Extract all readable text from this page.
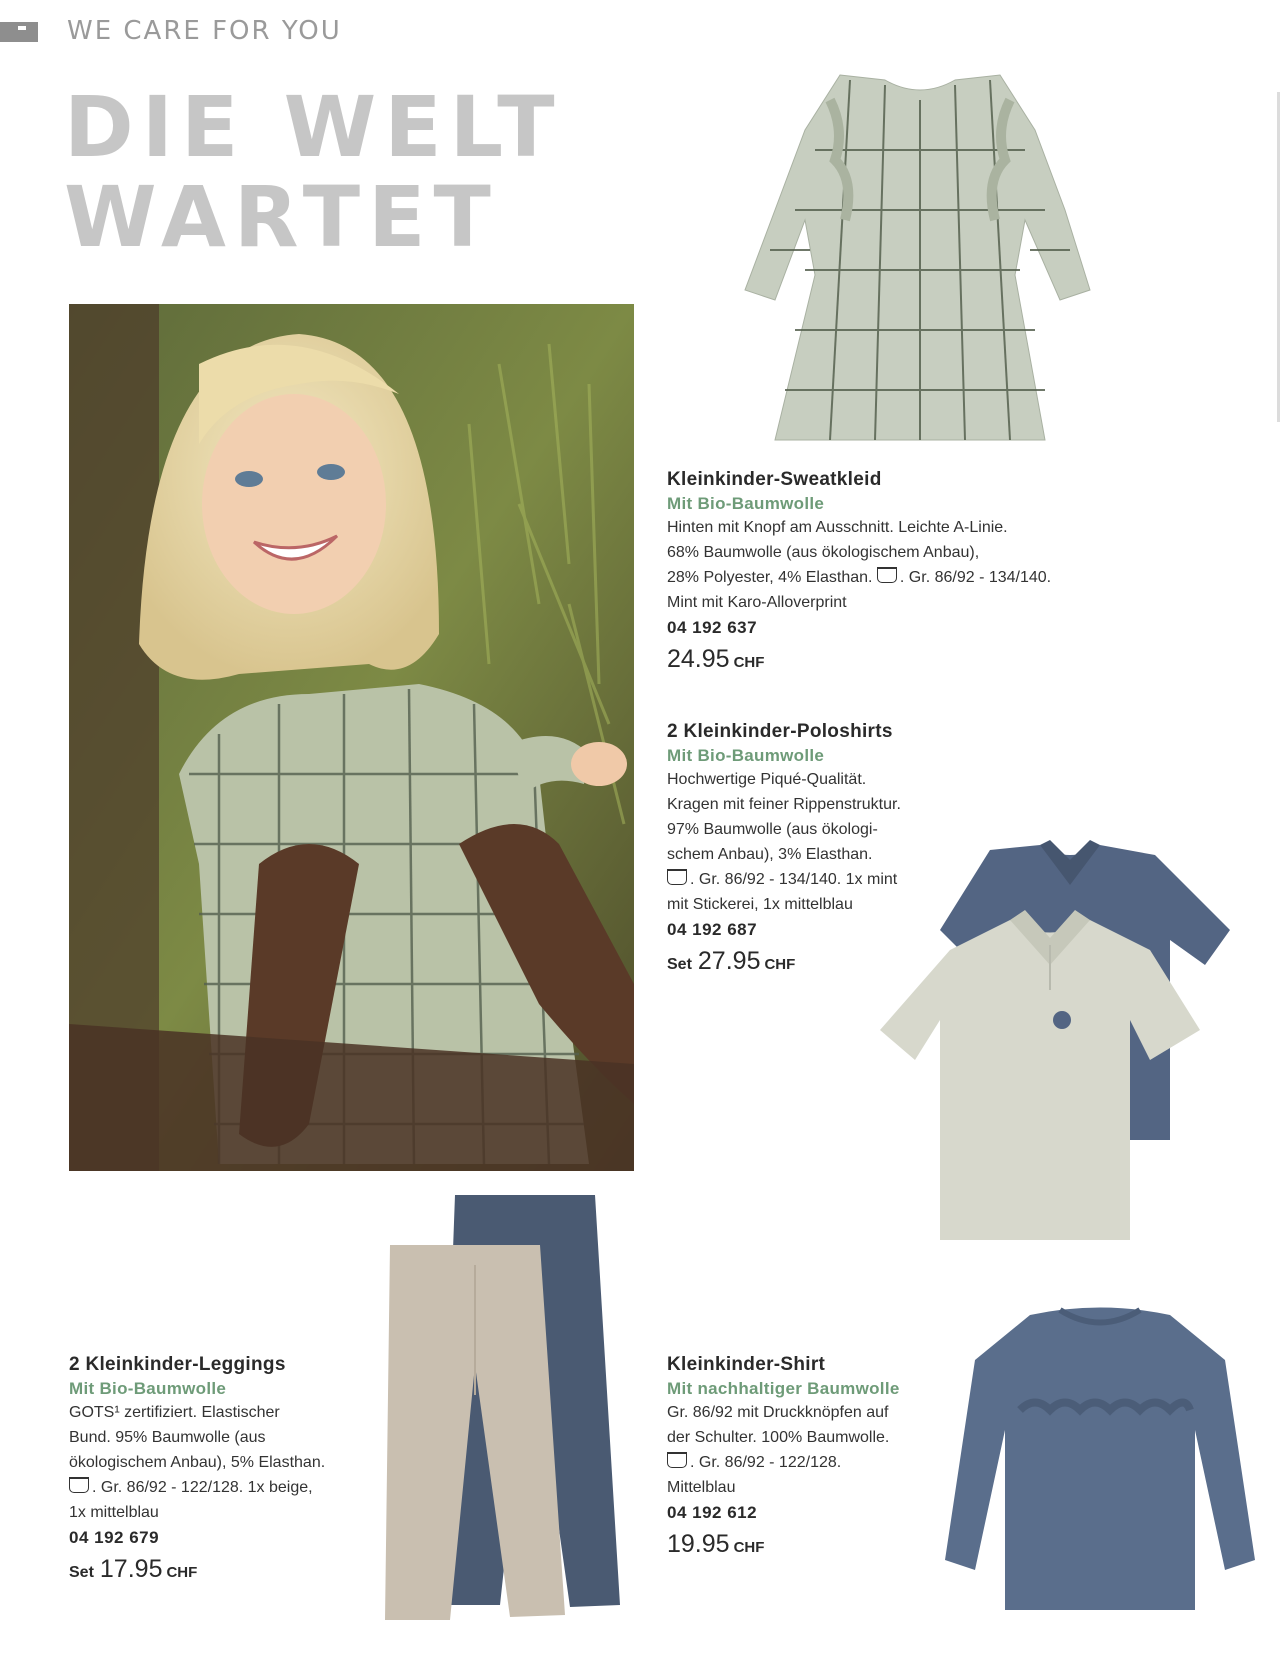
WE CARE FOR YOU
DIE WELT
WARTET
Kleinkinder-Sweatkleid
Mit Bio-Baumwolle
Hinten mit Knopf am Ausschnitt. Leichte A-Linie.
68% Baumwolle (aus ökologischem Anbau),
28% Polyester, 4% Elasthan. . Gr. 86/92 - 134/140.
Mint mit Karo-Alloverprint
04 192 637
24.95 CHF
2 Kleinkinder-Poloshirts
Mit Bio-Baumwolle
Hochwertige Piqué-Qualität.
Kragen mit feiner Rippenstruktur.
97% Baumwolle (aus ökologi-
schem Anbau), 3% Elasthan.
. Gr. 86/92 - 134/140. 1x mint
mit Stickerei, 1x mittelblau
04 192 687
Set 27.95 CHF
2 Kleinkinder-Leggings
Mit Bio-Baumwolle
GOTS¹ zertifiziert. Elastischer
Bund. 95% Baumwolle (aus
ökologischem Anbau), 5% Elasthan.
. Gr. 86/92 - 122/128. 1x beige,
1x mittelblau
04 192 679
Set 17.95 CHF
Kleinkinder-Shirt
Mit nachhaltiger Baumwolle
Gr. 86/92 mit Druckknöpfen auf
der Schulter. 100% Baumwolle.
. Gr. 86/92 - 122/128.
Mittelblau
04 192 612
19.95 CHF
